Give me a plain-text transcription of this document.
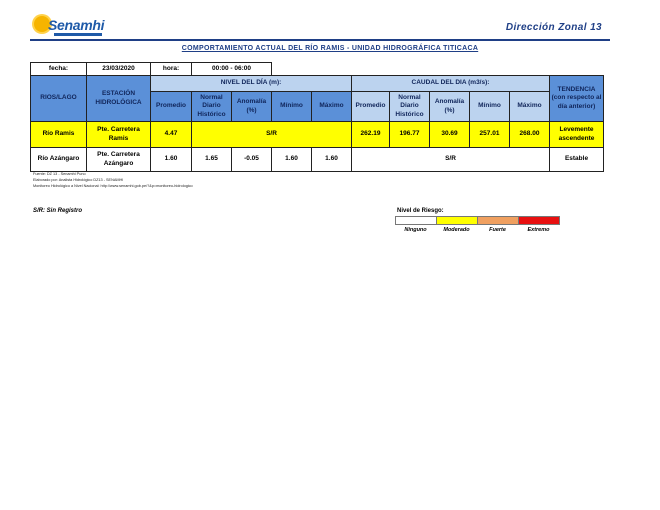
Senamhi	Dirección Zonal 13
COMPORTAMIENTO ACTUAL DEL RÍO RAMIS - UNIDAD HIDROGRÁFICA TITICACA
fecha:	23/03/2020	hora:	00:00 - 06:00									
RIOS/LAGO	ESTACIÓN HIDROLÓGICA	NIVEL DEL DÍA (m):					CAUDAL DEL DIA (m3/s):					TENDENCIA (con respecto al día anterior)
		Promedio	Normal Diario Histórico	Anomalía (%)	Mínimo	Máximo	Promedio	Normal Diario Histórico	Anomalía (%)	Mínimo	Máximo	
Río Ramis	Pte. Carretera Ramis	4.47	S/R				262.19	196.77	30.69	257.01	268.00	Levemente ascendente
Río Azángaro	Pte. Carretera Azángaro	1.60	1.65	-0.05	1.60	1.60	S/R					Estable
Fuente: DZ 13 - Senamhi Puno
Elaborado por: Analista Hidrológico DZ13 - SENAMHI
Monitoreo Hidrológico a Nivel Nacional: http://www.senamhi.gob.pe/?&p=monitoreo-hidrologico
S/R: Sin Registro	Nivel de Riesgo:
Ninguno	Moderado	Fuerte	Extremo
